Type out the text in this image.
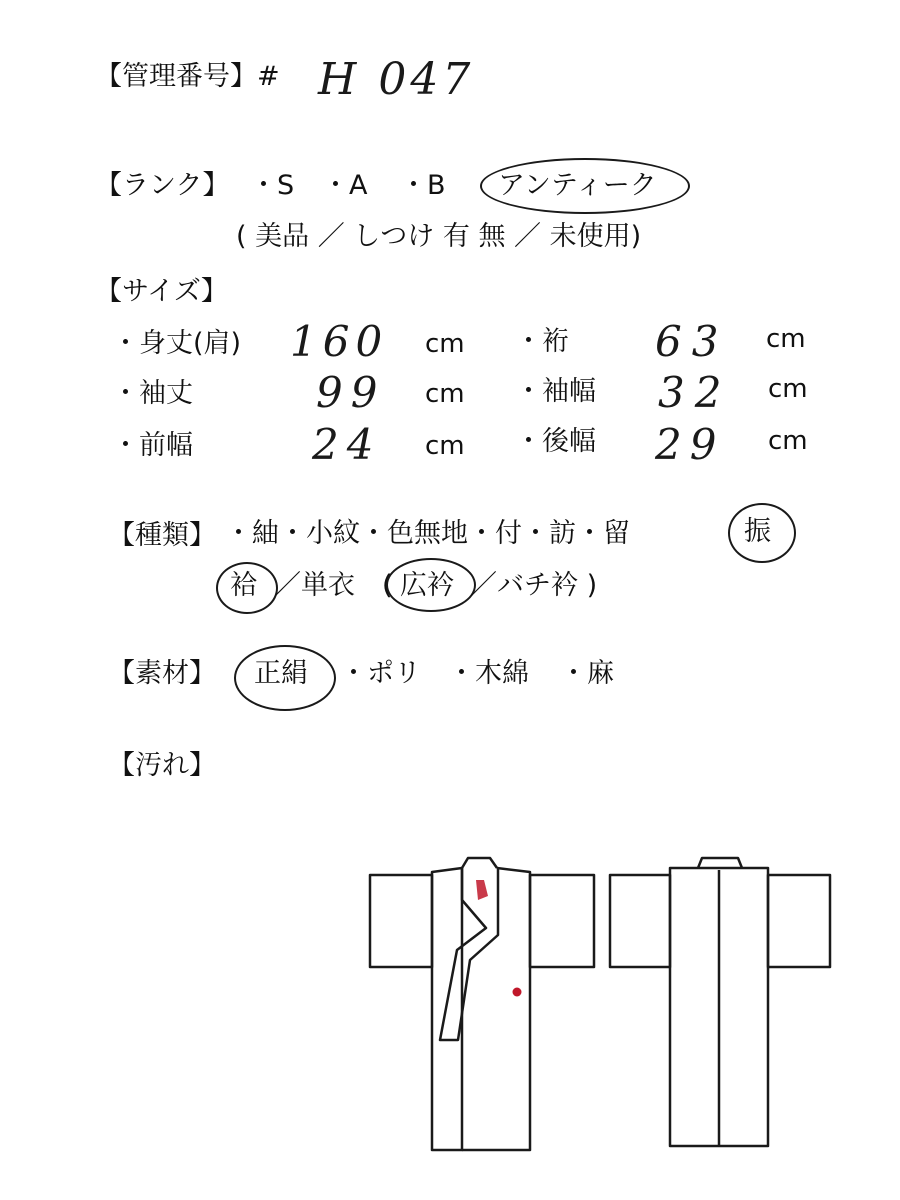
【管理番号】# H 047
【ランク】 ・S ・A ・B アンティーク
( 美品 ／ しつけ 有 無 ／ 未使用)
【サイズ】
・身丈(肩) 160 cm ・裄 63 cm
・袖丈	99 cm ・袖幅 32 cm
・前幅	24 cm ・後幅 29 cm
【種類】 ・紬・小紋・色無地・付・訪・留	振
袷 ／単衣 ( 広衿 ／バチ衿 )
【素材】 正絹 ・ポリ ・木綿 ・麻
【汚れ】
